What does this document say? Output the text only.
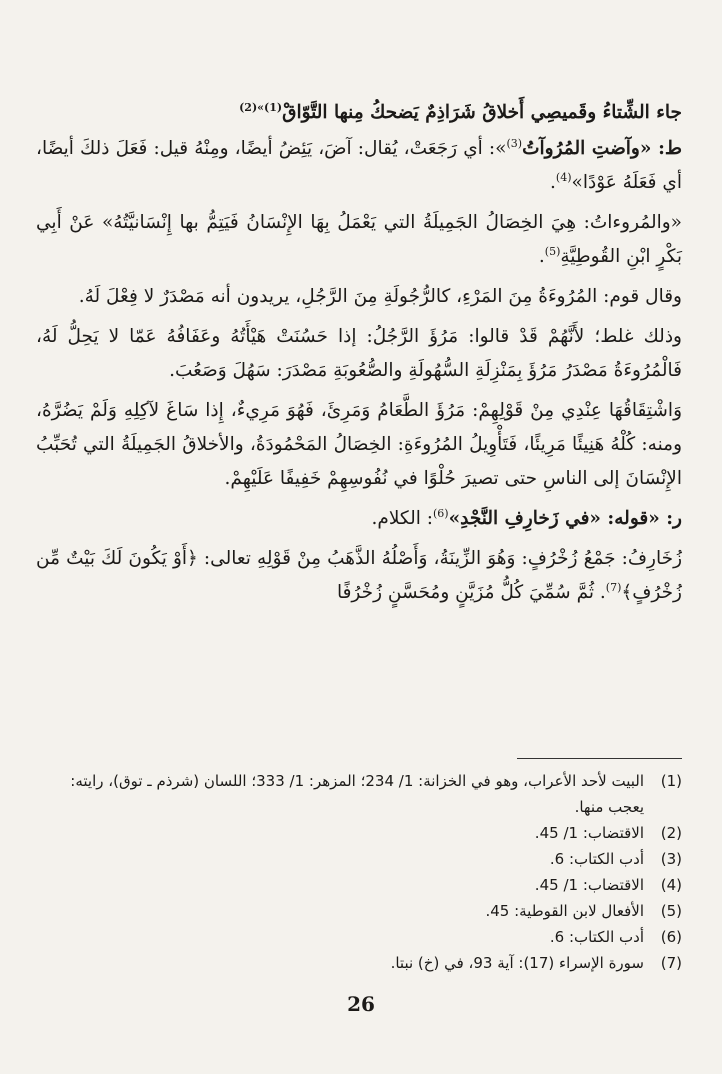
جاء الشِّتاءُ وقَميصِي أَخلاقُ شَرَاذِمٌ يَضحكُ مِنها التَّوّاقْ$^{(1)»(2)}$

ط: «وآضتِ المُرُوآتُ$^{(3)}$»: أي رَجَعَتْ، يُقال: آضَ، يَئِضُ أيضًا، ومِنْهُ قيل: فَعَلَ ذلكَ أيضًا، أي فَعَلَهُ عَوْدًا»$^{(4)}$.

«والمُروءاتُ: هِيَ الخِصَالُ الجَمِيلَةُ التي يَعْمَلُ بِهَا الإِنْسَانُ فَيَتِمُّ بها إِنْسَانيَّتُهُ» عَنْ أَبِي بَكْرٍ ابْنِ القُوطِيَّةِ$^{(5)}$.

وقال قوم: المُرُوءَةُ مِنَ المَرْءِ، كالرُّجُولَةِ مِنَ الرَّجُلِ، يريدون أنه مَصْدَرٌ لا فِعْلَ لَهُ.

وذلك غلط؛ لأَنَّهُمْ قَدْ قالوا: مَرُؤَ الرَّجُلُ: إذا حَسُنَتْ هَيْأَتُهُ وعَفَافُهُ عَمّا لا يَحِلُّ لَهُ، فَالْمُرُوءَةُ مَصْدَرُ مَرُؤَ بِمَنْزِلَةِ السُّهُولَةِ والصُّعُوبَةِ مَصْدَرَ: سَهُلَ وَصَعُبَ.

وَاشْتِقَاقُهَا عِنْدِي مِنْ قَوْلِهِمْ: مَرُؤَ الطَّعَامُ وَمَرِئَ، فَهُوَ مَرِيءٌ، إِذا سَاغَ لآكِلِهِ وَلَمْ يَضُرَّهُ، ومنه: كُلْهُ هَنِيئًا مَرِيئًا، فَتَأْوِيلُ المُرُوءَةِ: الخِصَالُ المَحْمُودَةُ، والأخلاقُ الجَمِيلَةُ التي تُحَبِّبُ الإِنْسَانَ إلى الناسِ حتى تصيرَ حُلْوًا في نُفُوسِهِمْ خَفِيفًا عَلَيْهِمْ.

ر: «قوله: «في زَخارِفِ النَّجْدِ»$^{(6)}$: الكلام.

زُخَارِفُ: جَمْعُ زُخْرُفٍ: وَهُوَ الزِّينَةُ، وَأَصْلُهُ الذَّهَبُ مِنْ قَوْلِهِ تعالى: ﴿أَوْ يَكُونَ لَكَ بَيْتٌ مِّن زُخْرُفٍ﴾$^{(7)}$. ثُمَّ سُمِّيَ كُلُّ مُزَيَّنٍ ومُحَسَّنٍ زُخْرُفًا

(1)
البيت لأحد الأعراب، وهو في الخزانة: 1/ 234؛ المزهر: 1/ 333؛ اللسان (شرذم ـ توق)، رايته: يعجب منها.
(2)
الاقتضاب: 1/ 45.
(3)
أدب الكتاب: 6.
(4)
الاقتضاب: 1/ 45.
(5)
الأفعال لابن القوطية: 45.
(6)
أدب الكتاب: 6.
(7)
سورة الإسراء (17): آية 93، في (خ) نبتا.
26
